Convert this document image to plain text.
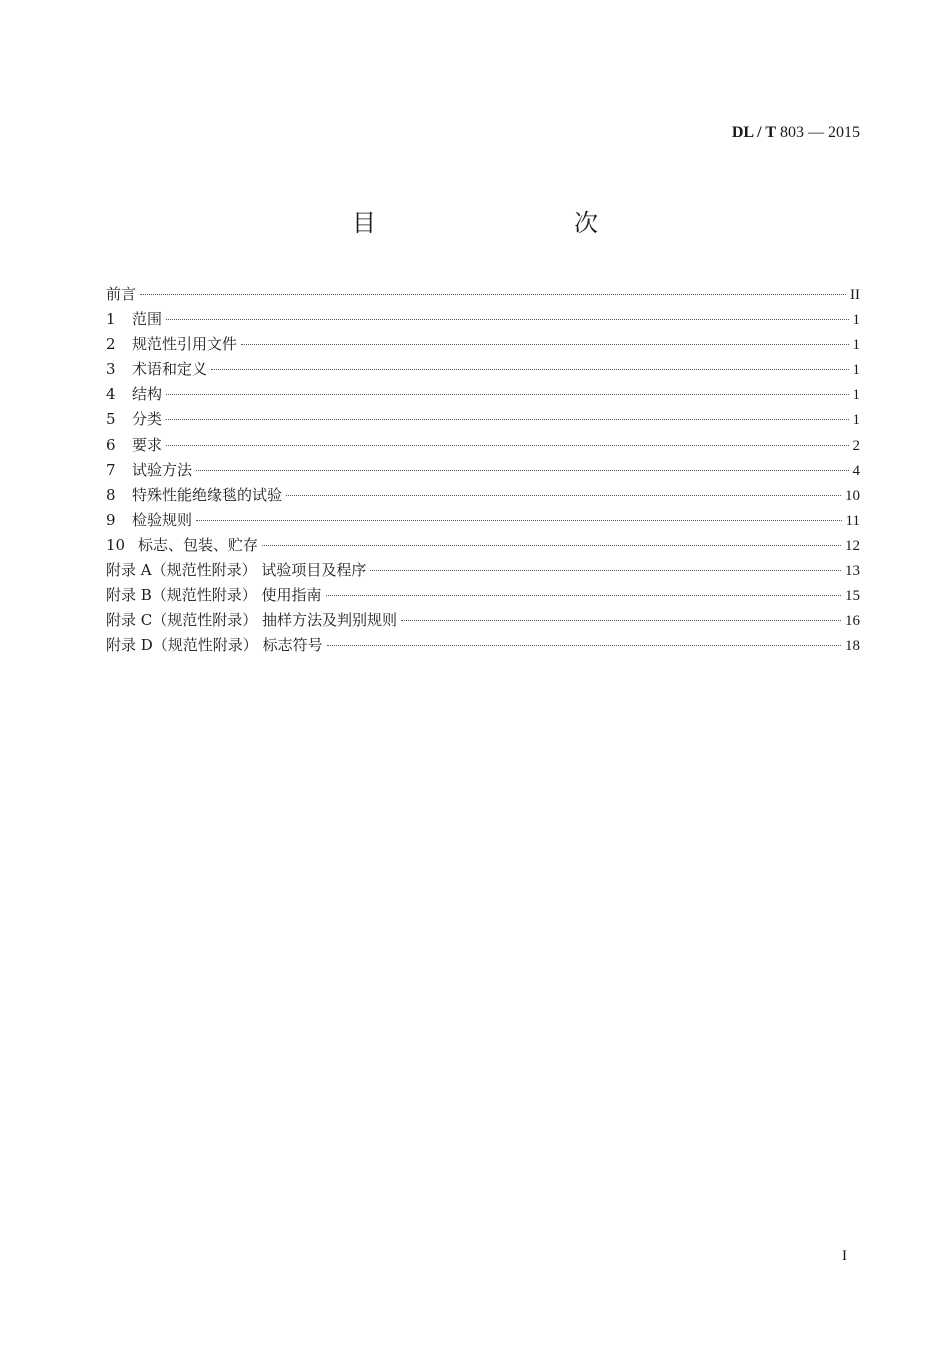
DL / T 803 — 2015
目　　次
前言	II
1	范围	1
2	规范性引用文件	1
3	术语和定义	1
4	结构	1
5	分类	1
6	要求	2
7	试验方法	4
8	特殊性能绝缘毯的试验	10
9	检验规则	11
10 标志、包装、贮存	12
附录 A（规范性附录） 试验项目及程序	13
附录 B（规范性附录） 使用指南	15
附录 C（规范性附录） 抽样方法及判别规则	16
附录 D（规范性附录） 标志符号	18
I
